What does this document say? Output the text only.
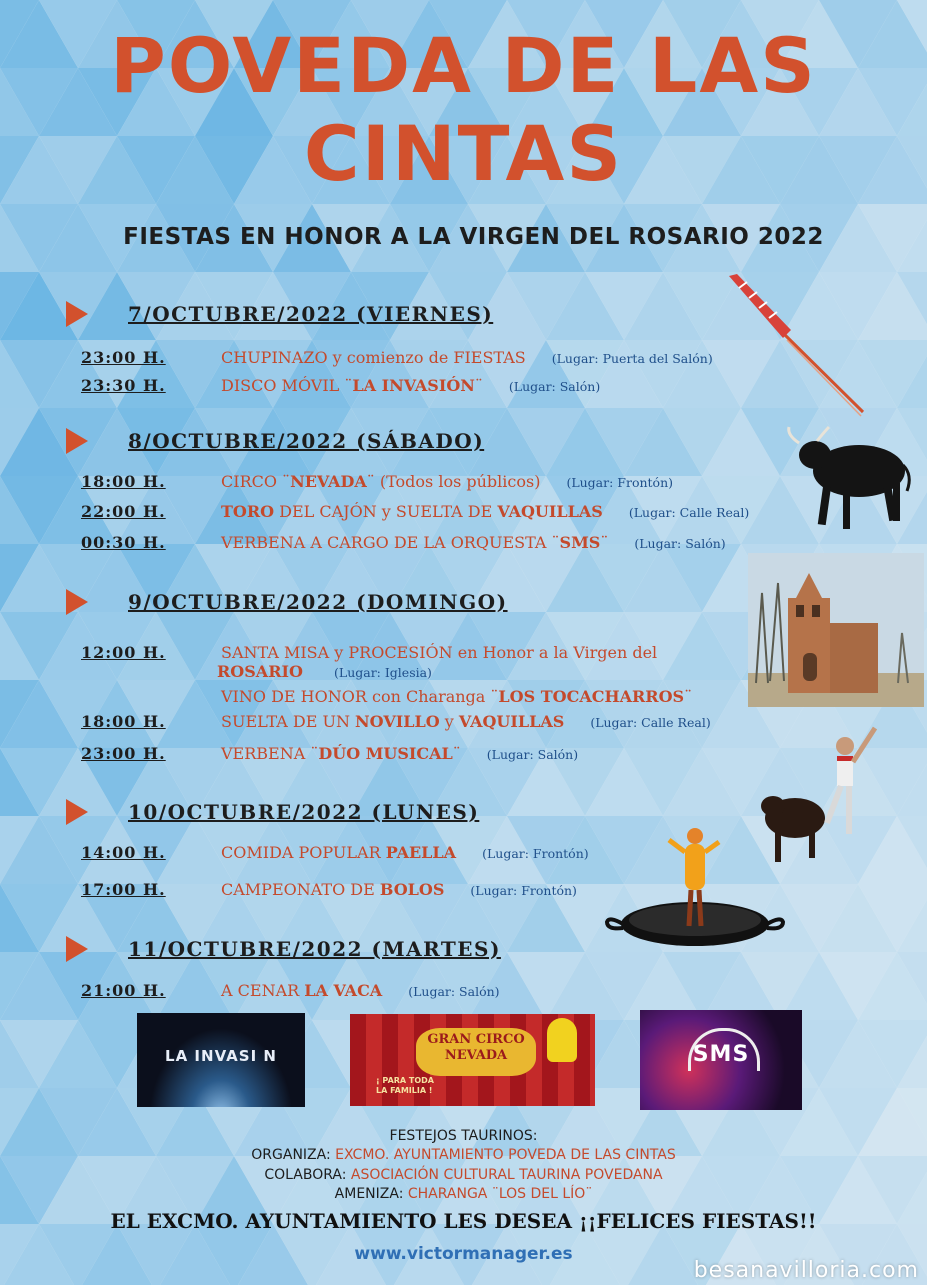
POVEDA DE LAS
CINTAS
FIESTAS EN HONOR A LA VIRGEN DEL ROSARIO 2022
7/OCTUBRE/2022 (VIERNES)
23:00 H.	CHUPINAZO y comienzo de FIESTAS (Lugar: Puerta del Salón)
23:30 H.	DISCO MÓVIL ¨LA INVASIÓN¨ (Lugar: Salón)
8/OCTUBRE/2022 (SÁBADO)
18:00 H.	CIRCO ¨NEVADA¨ (Todos los públicos) (Lugar: Frontón)
22:00 H.	TORO DEL CAJÓN y SUELTA DE VAQUILLAS (Lugar: Calle Real)
00:30 H.	VERBENA A CARGO DE LA ORQUESTA ¨SMS¨ (Lugar: Salón)
9/OCTUBRE/2022 (DOMINGO)
12:00 H.	SANTA MISA y PROCESIÓN en Honor a la Virgen del
ROSARIO (Lugar: Iglesia)
VINO DE HONOR con Charanga ¨LOS TOCACHARROS¨
18:00 H.	SUELTA DE UN NOVILLO y VAQUILLAS (Lugar: Calle Real)
23:00 H.	VERBENA ¨DÚO MUSICAL¨ (Lugar: Salón)
10/OCTUBRE/2022 (LUNES)
14:00 H.	COMIDA POPULAR PAELLA (Lugar: Frontón)
17:00 H.	CAMPEONATO DE BOLOS (Lugar: Frontón)
11/OCTUBRE/2022 (MARTES)
21:00 H.	A CENAR LA VACA (Lugar: Salón)
LA INVASI N
GRAN CIRCO
NEVADA
¡ PARA TODA
LA FAMILIA !
SMS
FESTEJOS TAURINOS:
ORGANIZA: EXCMO. AYUNTAMIENTO POVEDA DE LAS CINTAS
COLABORA: ASOCIACIÓN CULTURAL TAURINA POVEDANA
AMENIZA: CHARANGA ¨LOS DEL LÍO¨
EL EXCMO. AYUNTAMIENTO LES DESEA ¡¡FELICES FIESTAS!!
www.victormanager.es
besanavilloria.com
